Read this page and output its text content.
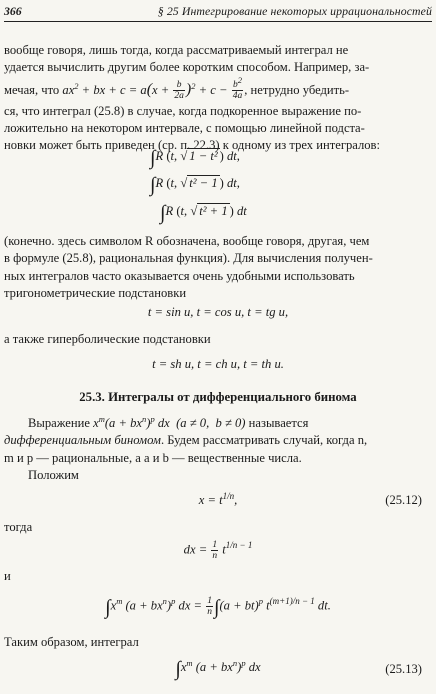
366	§ 25 Интегрирование некоторых иррациональностей
вообще говоря, лишь тогда, когда рассматриваемый интеграл не
удается вычислить другим более коротким способом. Например, за-
мечая, что $ax^2$ + bx + $c = a(x + \frac{b}{2a} )^2 + c - \frac{b^2}{4a}$ , нетрудно убедить-
ся, что интеграл (25.8) в случае, когда подкоренное выражение по-
ложительно на некотором интервале, с помощью линейной подстa-
новки может быть приведен (ср. п. 22.3) к одному из трех интегралов:
∫R (t, √ 1 − t² ) dt,
∫R (t, √ t² − 1 ) dt,
∫R (t, √ t² + 1 ) dt
(конечно. здесь символом R обозначена, вообще говоря, другая, чем
в формуле (25.8), рациональная функция). Для вычисления получен-
ных интегралов часто оказывается очень удобными использовать
тригонометрические подстановки
t = sin u, t = cos u, t = tg u,
а также гиперболические подстановки
t = sh u, t = ch u, t = th u.
25.3. Интегралы от дифференциального бинома
Выражение $x^m(a + bx^n)^p$ dx  (a ≠ 0,  b ≠ 0) называется
дифференциальным биномом. Будем рассматривать случай, когда n,
m и p — рациональные, а a и b — вещественные числа.
Положим
$x = t^{1/n}$,	(25.12)
тогда
dx = $\frac{1}{n} t^{1/n - 1}$
и
$\int x^m$ $(a + bx^n)^p$ dx = $\frac{1}{n} \int(a + bt)^p$ $t^{(m+1)/n - 1}$ dt.
Таким образом, интеграл
$\int x^m$ $(a + bx^n)^p$ dx	(25.13)
